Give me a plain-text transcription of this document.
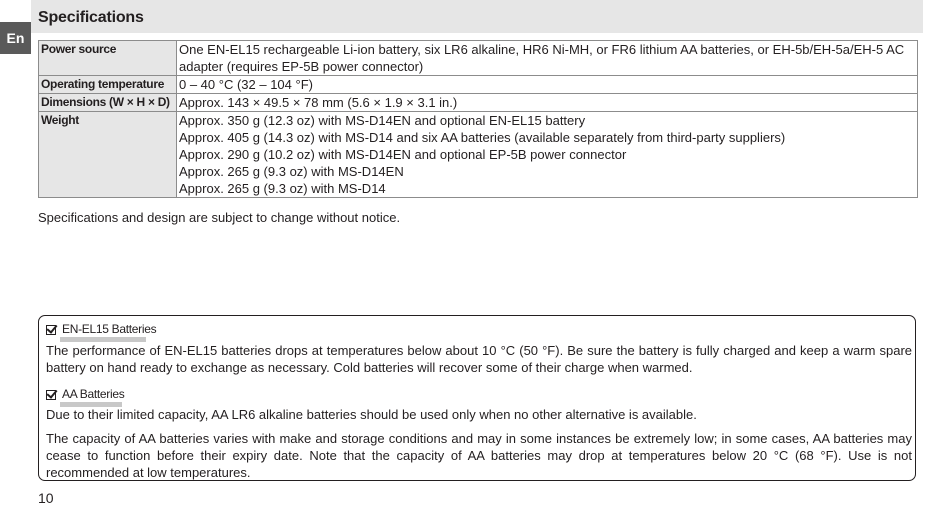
En
Specifications
Power source	One EN-EL15 rechargeable Li-ion battery, six LR6 alkaline, HR6 Ni-MH, or FR6 lithium AA batteries, or EH-5b/EH-5a/EH-5 AC
adapter (requires EP-5B power connector)

Operating temperature	0 – 40 °C (32 – 104 °F)

Dimensions (W × H × D)	Approx. 143 × 49.5 × 78 mm (5.6 × 1.9 × 3.1 in.)

Weight	Approx. 350 g (12.3 oz) with MS-D14EN and optional EN-EL15 battery
Approx. 405 g (14.3 oz) with MS-D14 and six AA batteries (available separately from third-party suppliers)
Approx. 290 g (10.2 oz) with MS-D14EN and optional EP-5B power connector
Approx. 265 g (9.3 oz) with MS-D14EN
Approx. 265 g (9.3 oz) with MS-D14
Specifications and design are subject to change without notice.
EN-EL15 Batteries
The performance of EN-EL15 batteries drops at temperatures below about 10 °C (50 °F). Be sure the battery is fully charged and keep a warm spare battery on hand ready to exchange as necessary. Cold batteries will recover some of their charge when warmed.
AA Batteries
Due to their limited capacity, AA LR6 alkaline batteries should be used only when no other alternative is available.
The capacity of AA batteries varies with make and storage conditions and may in some instances be extremely low; in some cases, AA batteries may cease to function before their expiry date. Note that the capacity of AA batteries may drop at temperatures below 20 °C (68 °F). Use is not recommended at low temperatures.
10
